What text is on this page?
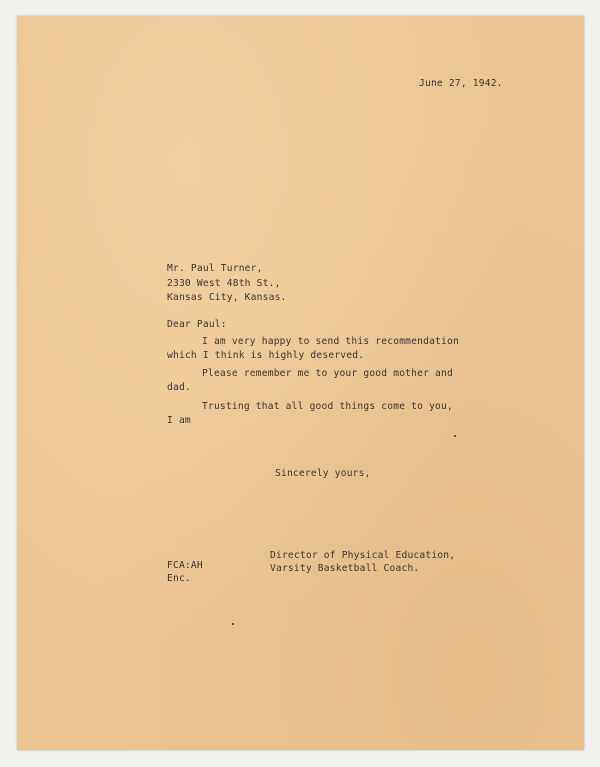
June 27, 1942.
Mr. Paul Turner,
2330 West 48th St.,
Kansas City, Kansas.
Dear Paul:
I am very happy to send this recommendation
which I think is highly deserved.
Please remember me to your good mother and
dad.
Trusting that all good things come to you,
I am
Sincerely yours,
Director of Physical Education,
Varsity Basketball Coach.
FCA:AH
Enc.
